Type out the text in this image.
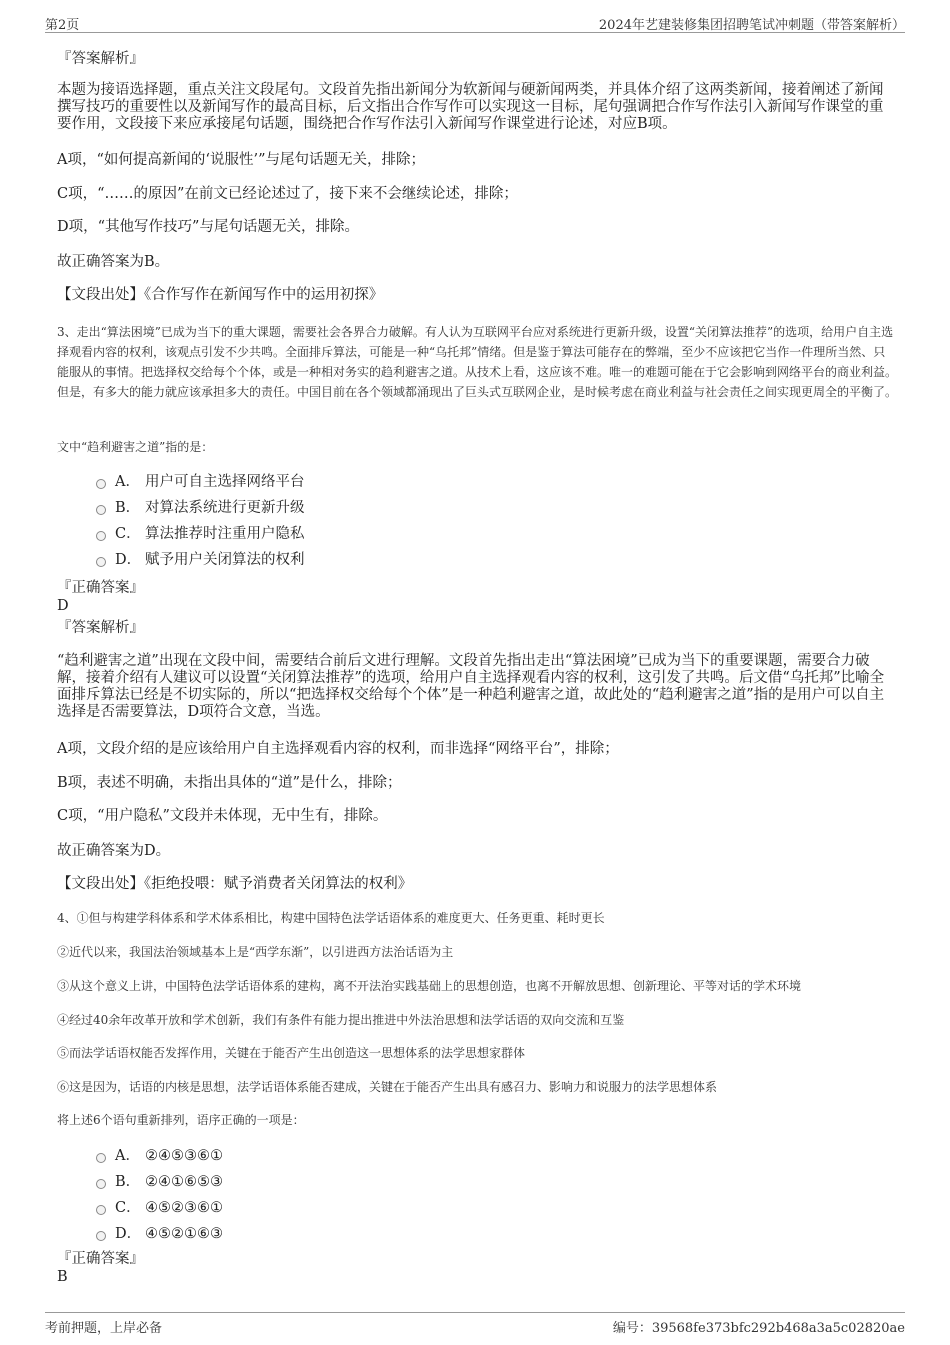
第2页	2024年艺建装修集团招聘笔试冲刺题（带答案解析）

『答案解析』

本题为接语选择题，重点关注文段尾句。文段首先指出新闻分为软新闻与硬新闻两类，并具体介绍了这两类新闻，接着阐述了新闻撰写技巧的重要性以及新闻写作的最高目标，后文指出合作写作可以实现这一目标，尾句强调把合作写作法引入新闻写作课堂的重要作用，文段接下来应承接尾句话题，围绕把合作写作法引入新闻写作课堂进行论述，对应B项。

A项，“如何提高新闻的‘说服性’”与尾句话题无关，排除；

C项，“……的原因”在前文已经论述过了，接下来不会继续论述，排除；

D项，“其他写作技巧”与尾句话题无关，排除。

故正确答案为B。

【文段出处】《合作写作在新闻写作中的运用初探》

3、走出“算法困境”已成为当下的重大课题，需要社会各界合力破解。有人认为互联网平台应对系统进行更新升级，设置“关闭算法推荐”的选项，给用户自主选择观看内容的权利，该观点引发不少共鸣。全面排斥算法，可能是一种“乌托邦”情绪。但是鉴于算法可能存在的弊端，至少不应该把它当作一件理所当然、只能服从的事情。把选择权交给每个个体，或是一种相对务实的趋利避害之道。从技术上看，这应该不难。唯一的难题可能在于它会影响到网络平台的商业利益。但是，有多大的能力就应该承担多大的责任。中国目前在各个领域都涌现出了巨头式互联网企业，是时候考虑在商业利益与社会责任之间实现更周全的平衡了。

文中“趋利避害之道”指的是：

A． 用户可自主选择网络平台
B． 对算法系统进行更新升级
C． 算法推荐时注重用户隐私
D． 赋予用户关闭算法的权利

『正确答案』

D

『答案解析』

“趋利避害之道”出现在文段中间，需要结合前后文进行理解。文段首先指出走出“算法困境”已成为当下的重要课题，需要合力破解，接着介绍有人建议可以设置“关闭算法推荐”的选项，给用户自主选择观看内容的权利，这引发了共鸣。后文借“乌托邦”比喻全面排斥算法已经是不切实际的，所以“把选择权交给每个个体”是一种趋利避害之道，故此处的“趋利避害之道”指的是用户可以自主选择是否需要算法，D项符合文意，当选。

A项，文段介绍的是应该给用户自主选择观看内容的权利，而非选择“网络平台”，排除；

B项，表述不明确，未指出具体的“道”是什么，排除；

C项，“用户隐私”文段并未体现，无中生有，排除。

故正确答案为D。

【文段出处】《拒绝投喂：赋予消费者关闭算法的权利》

4、①但与构建学科体系和学术体系相比，构建中国特色法学话语体系的难度更大、任务更重、耗时更长

②近代以来，我国法治领域基本上是“西学东渐”，以引进西方法治话语为主

③从这个意义上讲，中国特色法学话语体系的建构，离不开法治实践基础上的思想创造，也离不开解放思想、创新理论、平等对话的学术环境

④经过40余年改革开放和学术创新，我们有条件有能力提出推进中外法治思想和法学话语的双向交流和互鉴

⑤而法学话语权能否发挥作用，关键在于能否产生出创造这一思想体系的法学思想家群体

⑥这是因为，话语的内核是思想，法学话语体系能否建成，关键在于能否产生出具有感召力、影响力和说服力的法学思想体系

将上述6个语句重新排列，语序正确的一项是：

A． ②④⑤③⑥①
B． ②④①⑥⑤③
C． ④⑤②③⑥①
D． ④⑤②①⑥③

『正确答案』

B

考前押题，上岸必备	编号：39568fe373bfc292b468a3a5c02820ae
